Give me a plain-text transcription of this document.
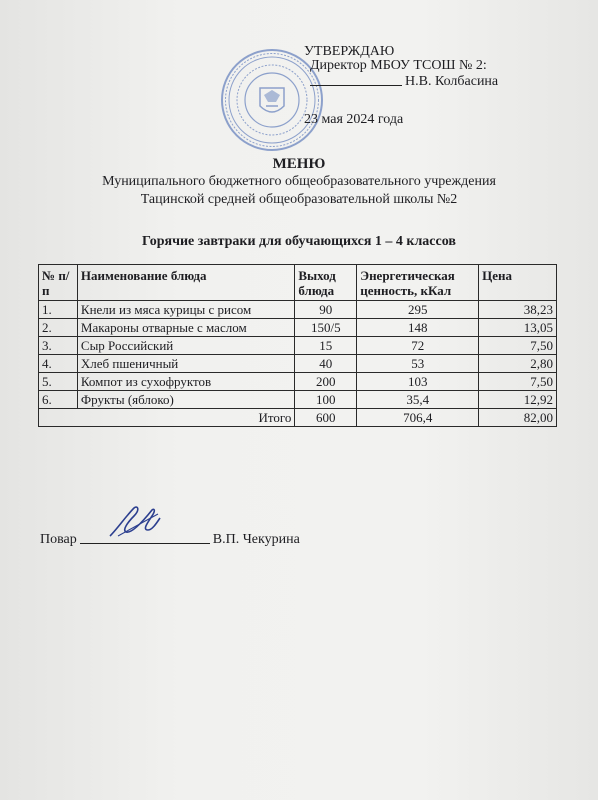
УТВЕРЖДАЮ
Директор МБОУ ТСОШ № 2:
Н.В. Колбасина
23 мая 2024 года
МЕНЮ
Муниципального бюджетного общеобразовательного учреждения
Тацинской средней общеобразовательной школы №2
Горячие завтраки для обучающихся 1 – 4 классов
№ п/п	Наименование блюда	Выход блюда	Энергетическая ценность, кКал	Цена
1.	Кнели из мяса курицы с рисом	90	295	38,23
2.	Макароны отварные с маслом	150/5	148	13,05
3.	Сыр Российский	15	72	7,50
4.	Хлеб пшеничный	40	53	2,80
5.	Компот из сухофруктов	200	103	7,50
6.	Фрукты (яблоко)	100	35,4	12,92
Итого		600	706,4	82,00
Повар	В.П. Чекурина
